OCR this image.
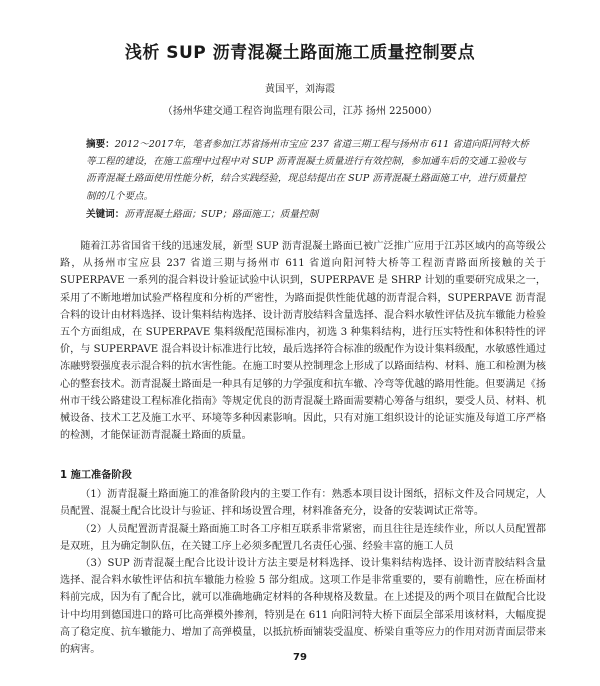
浅析 SUP 沥青混凝土路面施工质量控制要点
黄国平，刘海霞
（扬州华建交通工程咨询监理有限公司，江苏 扬州 225000）
摘要：2012～2017年，笔者参加江苏省扬州市宝应 237 省道三期工程与扬州市 611 省道向阳河特大桥等工程的建设，在施工监理中过程中对 SUP 沥青混凝土质量进行有效控制，参加通车后的交通工验收与沥青混凝土路面使用性能分析，结合实践经验，现总结提出在 SUP 沥青混凝土路面施工中，进行质量控制的几个要点。
关键词：沥青混凝土路面；SUP；路面施工；质量控制
随着江苏省国省干线的迅速发展，新型 SUP 沥青混凝土路面已被广泛推广应用于江苏区域内的高等级公路，从扬州市宝应县 237 省道三期与扬州市 611 省道向阳河特大桥等工程沥青路面所接触的关于 SUPERPAVE 一系列的混合料设计验证试验中认识到，SUPERPAVE 是 SHRP 计划的重要研究成果之一，采用了不断地增加试验严格程度和分析的严密性，为路面提供性能优越的沥青混合料，SUPERPAVE 沥青混合料的设计由材料选择、设计集料结构选择、设计沥青胶结料含量选择、混合料水敏性评估及抗车辙能力检验五个方面组成，在 SUPERPAVE 集料级配范围标准内，初选 3 种集料结构，进行压实特性和体积特性的评价，与 SUPERPAVE 混合料设计标准进行比较，最后选择符合标准的级配作为设计集料级配，水敏感性通过冻融劈裂强度表示混合料的抗水害性能。在施工时要从控制理念上形成了以路面结构、材料、施工和检测为核心的整套技术。沥青混凝土路面是一种具有足够的力学强度和抗车辙、冷弯等优越的路用性能。但要满足《扬州市干线公路建设工程标准化指南》等规定优良的沥青混凝土路面需要精心筹备与组织，要受人员、材料、机械设备、技术工艺及施工水平、环境等多种因素影响。因此，只有对施工组织设计的论证实施及每道工序严格的检测，才能保证沥青混凝土路面的质量。
1 施工准备阶段
（1）沥青混凝土路面施工的准备阶段内的主要工作有：熟悉本项目设计图纸，招标文件及合同规定，人员配置、混凝土配合比设计与验证、拌和场设置合理，材料准备充分，设备的安装调试正常等。
（2）人员配置沥青混凝土路面施工时各工序相互联系非常紧密，而且往往是连续作业，所以人员配置都是双班，且为确定制队伍，在关键工序上必须多配置几名责任心强、经验丰富的施工人员
（3）SUP 沥青混凝土配合比设计设计方法主要是材料选择、设计集料结构选择、设计沥青胶结料含量选择、混合料水敏性评估和抗车辙能力检验 5 部分组成。这项工作是非常重要的，要有前瞻性，应在桥面材料前完成，因为有了配合比，就可以准确地确定材料的各种规格及数量。在上述提及的两个项目在做配合比设计中均用到德国进口的路可比高弹模外掺剂，特别是在 611 向阳河特大桥下面层全部采用该材料，大幅度提高了稳定度、抗车辙能力、增加了高弹模量，以抵抗桥面铺装受温度、桥梁自重等应力的作用对沥青面层带来的病害。
79
